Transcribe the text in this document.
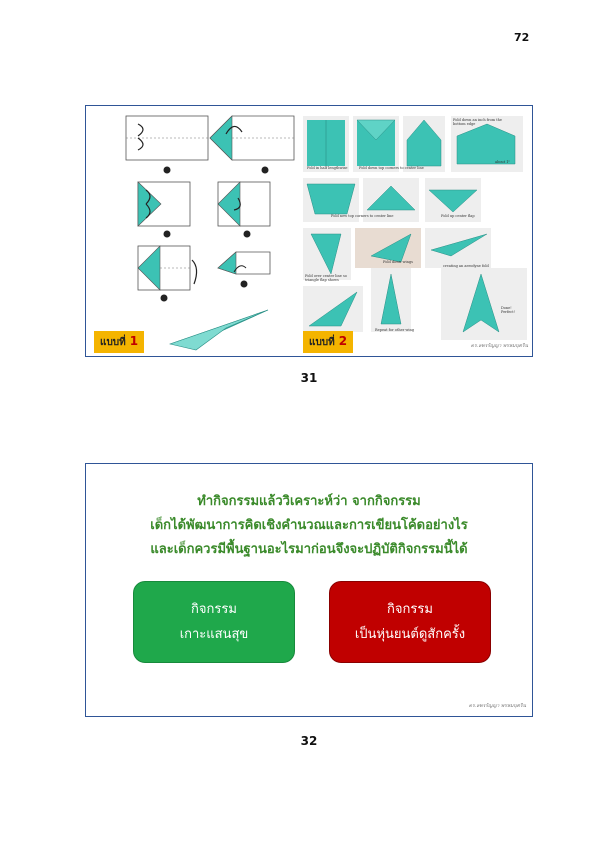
72
แบบที่ 1
Fold in half lengthwise	Fold down top corners to center line
Fold down an inch from the bottom edge
about 1"
Fold new top corners to center line	Fold up center flap
Fold over center line so triangle flap shows
Fold down wings
creating an aerodyne fold
Repeat for other wing
Done! Perfect!
แบบที่ 2	ดร.ลพรรัญญา พรหมบุตริน
31
ทำกิจกรรมแล้ววิเคราะห์ว่า จากกิจกรรม
เด็กได้พัฒนาการคิดเชิงคำนวณและการเขียนโค้ดอย่างไร
และเด็กควรมีพื้นฐานอะไรมาก่อนจึงจะปฏิบัติกิจกรรมนี้ได้
กิจกรรม
เกาะแสนสุข
กิจกรรม
เป็นหุ่นยนต์ดูสักครั้ง
ดร.ลพรรัญญา พรหมบุตริน
32
